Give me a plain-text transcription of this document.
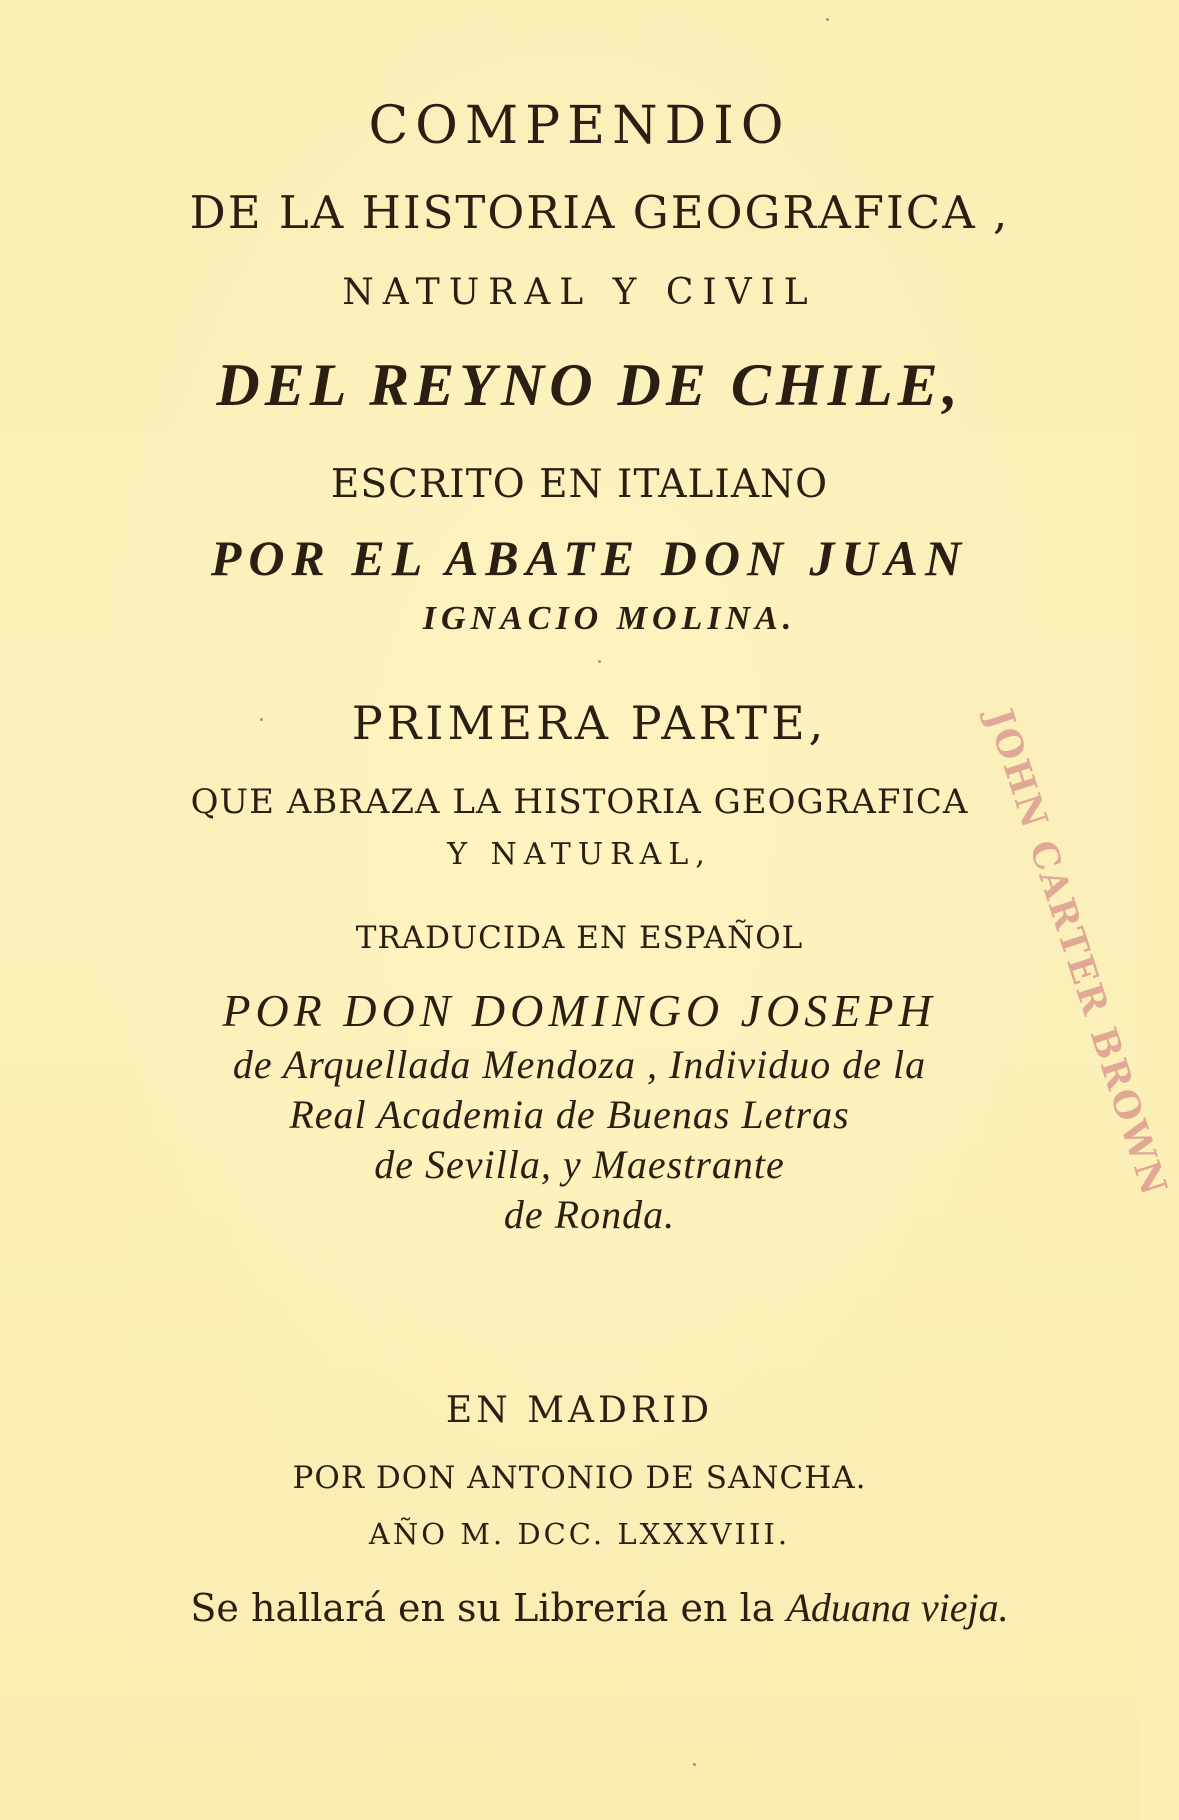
COMPENDIO
DE LA HISTORIA GEOGRAFICA ,
NATURAL Y CIVIL
DEL REYNO DE CHILE,
ESCRITO EN ITALIANO
POR EL ABATE DON JUAN
IGNACIO MOLINA.
PRIMERA PARTE,
QUE ABRAZA LA HISTORIA GEOGRAFICA
Y NATURAL,
TRADUCIDA EN ESPAÑOL
POR DON DOMINGO JOSEPH
de Arquellada Mendoza , Individuo de la
Real Academia de Buenas Letras
de Sevilla, y Maestrante
de Ronda.
EN MADRID
POR DON ANTONIO DE SANCHA.
AÑO M. DCC. LXXXVIII.
Se hallará en su Librería en la Aduana vieja.
JOHN CARTER BROWN
